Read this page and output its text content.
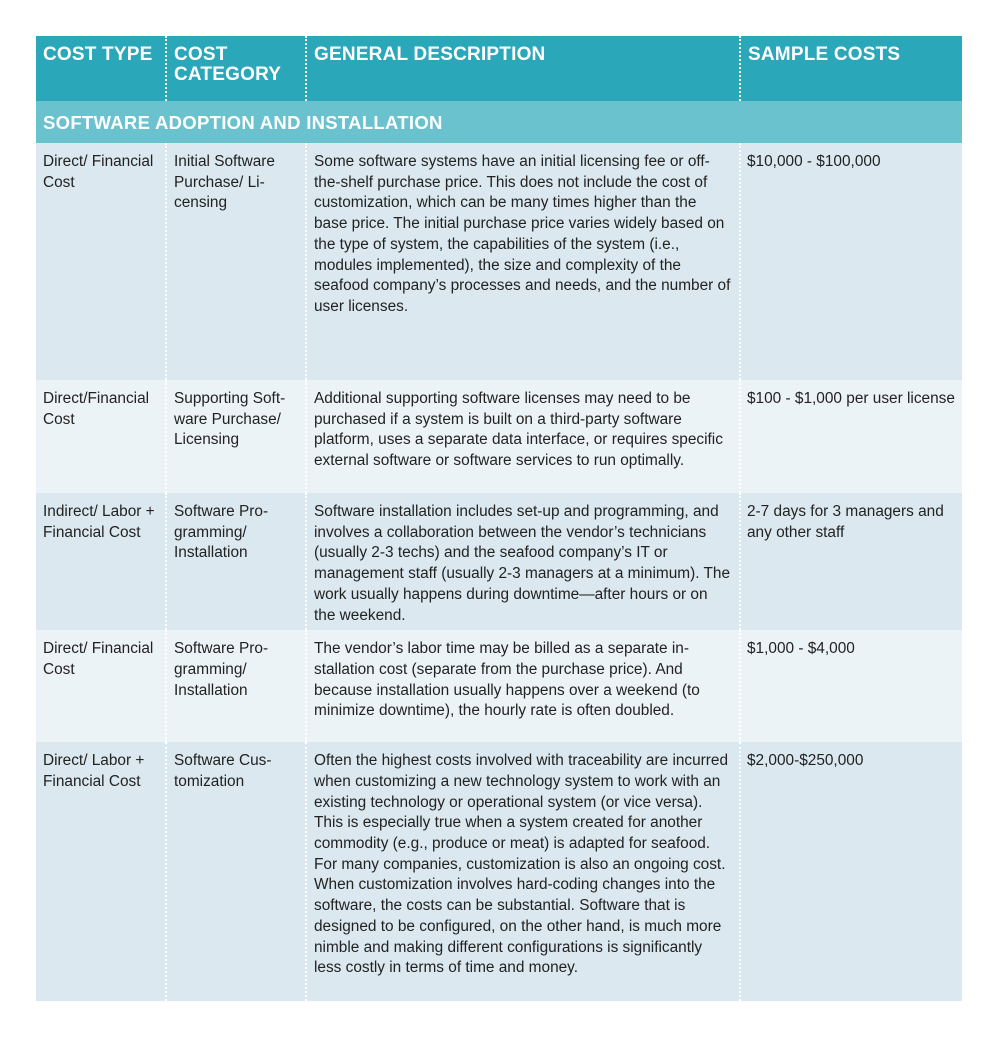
COST TYPE	COST CATEGORY	GENERAL DESCRIPTION	SAMPLE COSTS
SOFTWARE ADOPTION AND INSTALLATION			
Direct/ Financial Cost	Initial Software Purchase/ Licensing	Some software systems have an initial licensing fee or off-the-shelf purchase price. This does not include the cost of customization, which can be many times higher than the base price. The initial purchase price varies widely based on the type of system, the capabilities of the system (i.e., modules implemented), the size and complexity of the seafood company’s processes and needs, and the number of user licenses.	$10,000 - $100,000
Direct/Financial Cost	Supporting Software Purchase/ Licensing	Additional supporting software licenses may need to be purchased if a system is built on a third-party software platform, uses a separate data interface, or requires specific external software or software services to run optimally.	$100 - $1,000 per user license
Indirect/ Labor + Financial Cost	Software Programming/ Installation	Software installation includes set-up and programming, and involves a collaboration between the vendor’s technicians (usually 2-3 techs) and the seafood company’s IT or management staff (usually 2-3 managers at a minimum). The work usually happens during downtime—after hours or on the weekend.	2-7 days for 3 managers and any other staff
Direct/ Financial Cost	Software Programming/ Installation	The vendor’s labor time may be billed as a separate installation cost (separate from the purchase price). And because installation usually happens over a weekend (to minimize downtime), the hourly rate is often doubled.	$1,000 - $4,000
Direct/ Labor + Financial Cost	Software Customization	Often the highest costs involved with traceability are incurred when customizing a new technology system to work with an existing technology or operational system (or vice versa). This is especially true when a system created for another commodity (e.g., produce or meat) is adapted for seafood. For many companies, customization is also an ongoing cost. When customization involves hard-coding changes into the software, the costs can be substantial. Software that is designed to be configured, on the other hand, is much more nimble and making different configurations is significantly less costly in terms of time and money.	$2,000-$250,000
